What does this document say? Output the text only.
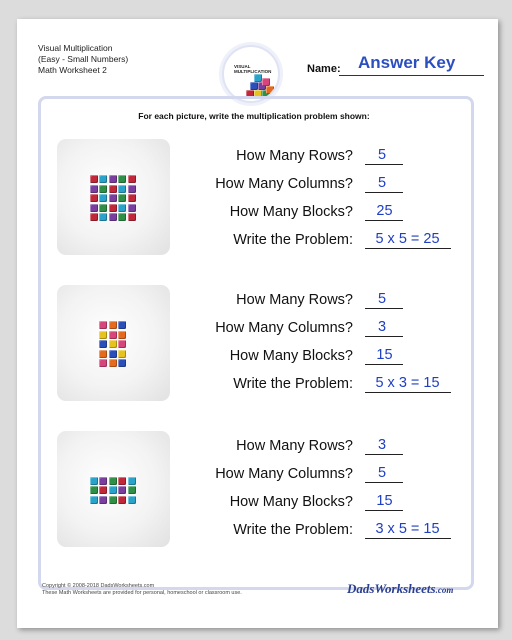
Visual Multiplication
(Easy - Small Numbers)
Math Worksheet 2	VISUAL
MULTIPLICATION	Name: Answer Key
For each picture, write the multiplication problem shown:
How Many Rows?	5
How Many Columns?	5
How Many Blocks?	25
Write the Problem:	5 x 5 = 25
How Many Rows?	5
How Many Columns?	3
How Many Blocks?	15
Write the Problem:	5 x 3 = 15
How Many Rows?	3
How Many Columns?	5
How Many Blocks?	15
Write the Problem:	3 x 5 = 15
Copyright © 2008-2018 DadsWorksheets.com
These Math Worksheets are provided for personal, homeschool or classroom use.	DadsWorksheets.com
